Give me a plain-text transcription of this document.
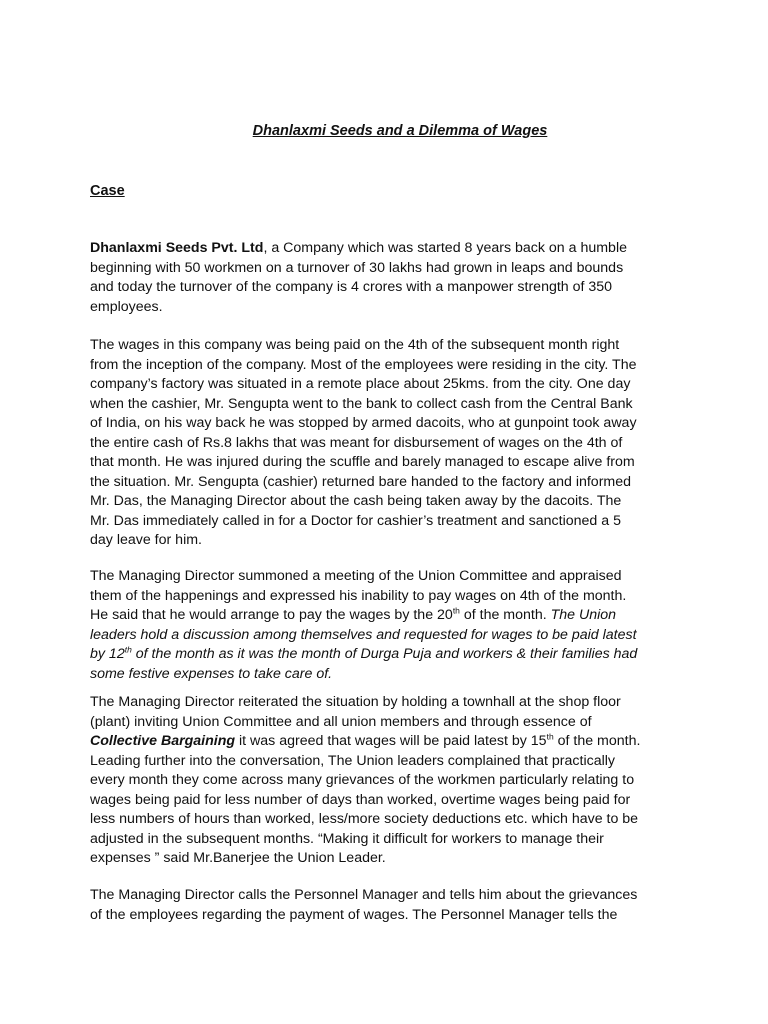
Dhanlaxmi Seeds and a Dilemma of Wages
Case

Dhanlaxmi Seeds Pvt. Ltd, a Company which was started 8 years back on a humble
beginning with 50 workmen on a turnover of 30 lakhs had grown in leaps and bounds
and today the turnover of the company is 4 crores with a manpower strength of 350
employees.

The wages in this company was being paid on the 4th of the subsequent month right
from the inception of the company. Most of the employees were residing in the city. The
company’s factory was situated in a remote place about 25kms. from the city. One day
when the cashier, Mr. Sengupta went to the bank to collect cash from the Central Bank
of India, on his way back he was stopped by armed dacoits, who at gunpoint took away
the entire cash of Rs.8 lakhs that was meant for disbursement of wages on the 4th of
that month. He was injured during the scuffle and barely managed to escape alive from
the situation. Mr. Sengupta (cashier) returned bare handed to the factory and informed
Mr. Das, the Managing Director about the cash being taken away by the dacoits. The
Mr. Das immediately called in for a Doctor for cashier’s treatment and sanctioned a 5
day leave for him.

The Managing Director summoned a meeting of the Union Committee and appraised
them of the happenings and expressed his inability to pay wages on 4th of the month.
He said that he would arrange to pay the wages by the 20th of the month. The Union
leaders hold a discussion among themselves and requested for wages to be paid latest
by 12th of the month as it was the month of Durga Puja and workers & their families had
some festive expenses to take care of.

The Managing Director reiterated the situation by holding a townhall at the shop floor
(plant) inviting Union Committee and all union members and through essence of
Collective Bargaining it was agreed that wages will be paid latest by 15th of the month.
Leading further into the conversation, The Union leaders complained that practically
every month they come across many grievances of the workmen particularly relating to
wages being paid for less number of days than worked, overtime wages being paid for
less numbers of hours than worked, less/more society deductions etc. which have to be
adjusted in the subsequent months. “Making it difficult for workers to manage their
expenses ” said Mr.Banerjee the Union Leader.

The Managing Director calls the Personnel Manager and tells him about the grievances
of the employees regarding the payment of wages. The Personnel Manager tells the
